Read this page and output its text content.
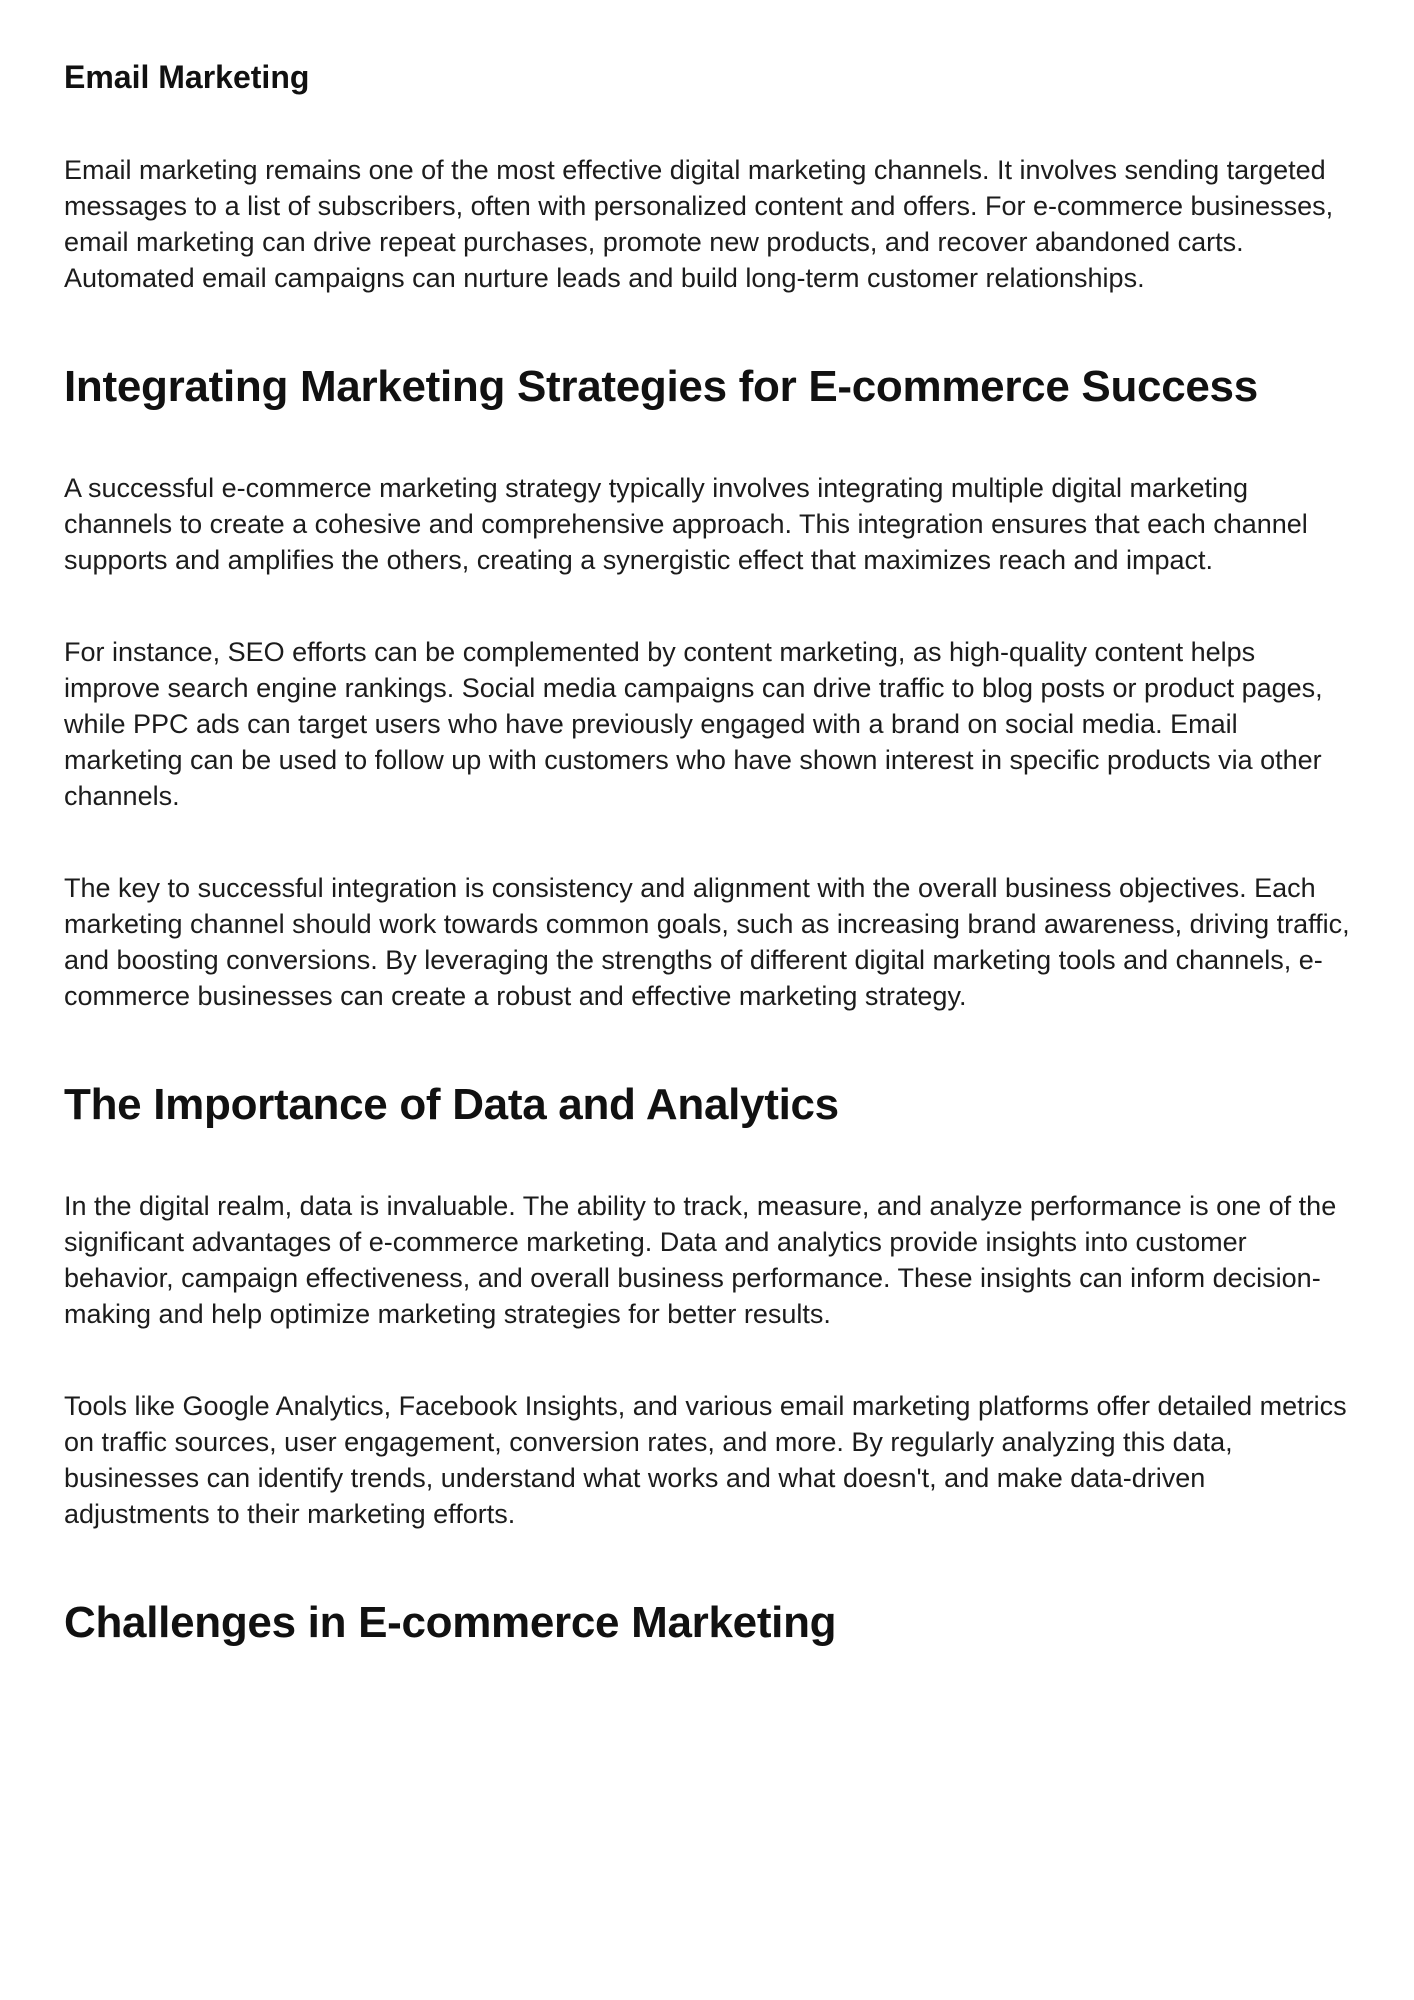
Email Marketing

Email marketing remains one of the most effective digital marketing channels. It involves sending targeted messages to a list of subscribers, often with personalized content and offers. For e-commerce businesses, email marketing can drive repeat purchases, promote new products, and recover abandoned carts. Automated email campaigns can nurture leads and build long-term customer relationships.

Integrating Marketing Strategies for E-commerce Success

A successful e-commerce marketing strategy typically involves integrating multiple digital marketing channels to create a cohesive and comprehensive approach. This integration ensures that each channel supports and amplifies the others, creating a synergistic effect that maximizes reach and impact.

For instance, SEO efforts can be complemented by content marketing, as high-quality content helps improve search engine rankings. Social media campaigns can drive traffic to blog posts or product pages, while PPC ads can target users who have previously engaged with a brand on social media. Email marketing can be used to follow up with customers who have shown interest in specific products via other channels.

The key to successful integration is consistency and alignment with the overall business objectives. Each marketing channel should work towards common goals, such as increasing brand awareness, driving traffic, and boosting conversions. By leveraging the strengths of different digital marketing tools and channels, e-commerce businesses can create a robust and effective marketing strategy.

The Importance of Data and Analytics

In the digital realm, data is invaluable. The ability to track, measure, and analyze performance is one of the significant advantages of e-commerce marketing. Data and analytics provide insights into customer behavior, campaign effectiveness, and overall business performance. These insights can inform decision-making and help optimize marketing strategies for better results.

Tools like Google Analytics, Facebook Insights, and various email marketing platforms offer detailed metrics on traffic sources, user engagement, conversion rates, and more. By regularly analyzing this data, businesses can identify trends, understand what works and what doesn't, and make data-driven adjustments to their marketing efforts.

Challenges in E-commerce Marketing
